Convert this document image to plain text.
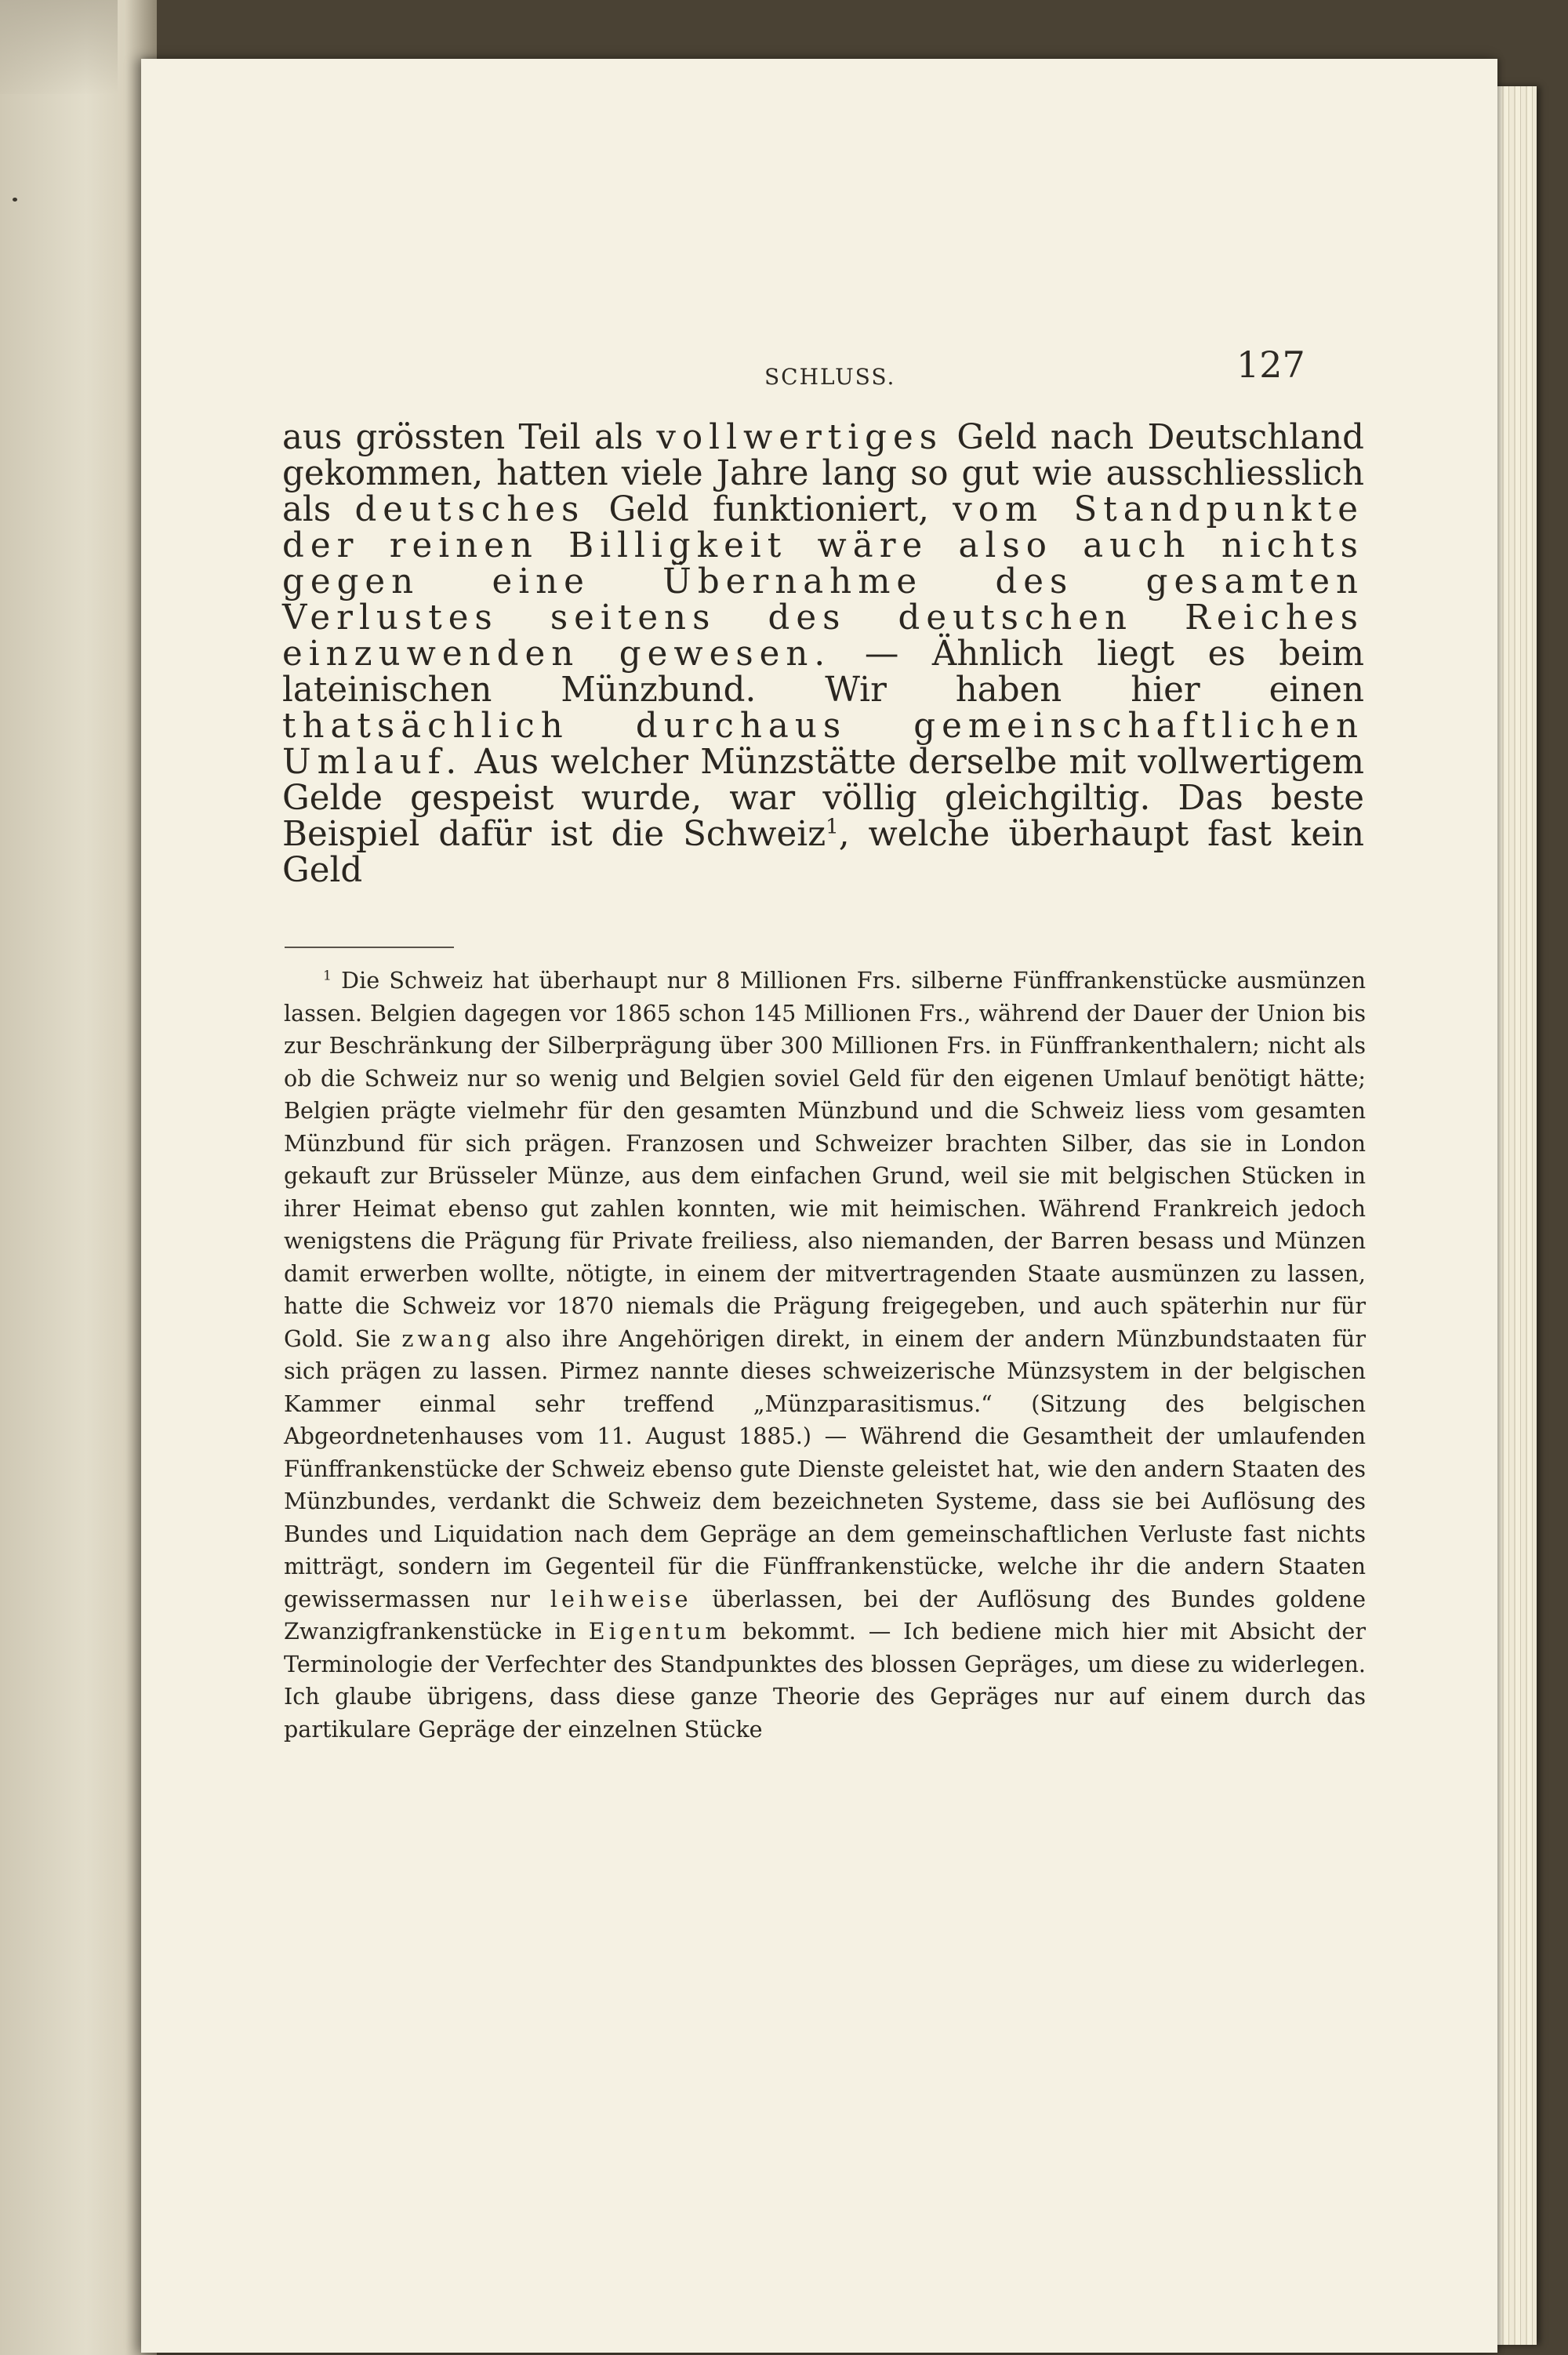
SCHLUSS.	127

aus grössten Teil als vollwertiges Geld nach Deutschland gekommen, hatten viele Jahre lang so gut wie ausschliesslich als deutsches Geld funktioniert, vom Standpunkte der reinen Billigkeit wäre also auch nichts gegen eine Übernahme des gesamten Verlustes seitens des deutschen Reiches einzuwenden gewesen. — Ähnlich liegt es beim lateinischen Münzbund. Wir haben hier einen thatsächlich durchaus gemeinschaftlichen Umlauf. Aus welcher Münzstätte derselbe mit vollwertigem Gelde gespeist wurde, war völlig gleichgiltig. Das beste Beispiel dafür ist die Schweiz$^1$, welche überhaupt fast kein Geld

$^1$ Die Schweiz hat überhaupt nur 8 Millionen Frs. silberne Fünffrankenstücke ausmünzen lassen. Belgien dagegen vor 1865 schon 145 Millionen Frs., während der Dauer der Union bis zur Beschränkung der Silberprägung über 300 Millionen Frs. in Fünffrankenthalern; nicht als ob die Schweiz nur so wenig und Belgien soviel Geld für den eigenen Umlauf benötigt hätte; Belgien prägte vielmehr für den gesamten Münzbund und die Schweiz liess vom gesamten Münzbund für sich prägen. Franzosen und Schweizer brachten Silber, das sie in London gekauft zur Brüsseler Münze, aus dem einfachen Grund, weil sie mit belgischen Stücken in ihrer Heimat ebenso gut zahlen konnten, wie mit heimischen. Während Frankreich jedoch wenigstens die Prägung für Private freiliess, also niemanden, der Barren besass und Münzen damit erwerben wollte, nötigte, in einem der mitvertragenden Staate ausmünzen zu lassen, hatte die Schweiz vor 1870 niemals die Prägung freigegeben, und auch späterhin nur für Gold. Sie zwang also ihre Angehörigen direkt, in einem der andern Münzbundstaaten für sich prägen zu lassen. Pirmez nannte dieses schweizerische Münzsystem in der belgischen Kammer einmal sehr treffend „Münzparasitismus.“ (Sitzung des belgischen Abgeordnetenhauses vom 11. August 1885.) — Während die Gesamtheit der umlaufenden Fünffrankenstücke der Schweiz ebenso gute Dienste geleistet hat, wie den andern Staaten des Münzbundes, verdankt die Schweiz dem bezeichneten Systeme, dass sie bei Auflösung des Bundes und Liquidation nach dem Gepräge an dem gemeinschaftlichen Verluste fast nichts mitträgt, sondern im Gegenteil für die Fünffrankenstücke, welche ihr die andern Staaten gewissermassen nur leihweise überlassen, bei der Auflösung des Bundes goldene Zwanzigfrankenstücke in Eigentum bekommt. — Ich bediene mich hier mit Absicht der Terminologie der Verfechter des Standpunktes des blossen Gepräges, um diese zu widerlegen. Ich glaube übrigens, dass diese ganze Theorie des Gepräges nur auf einem durch das partikulare Gepräge der einzelnen Stücke
